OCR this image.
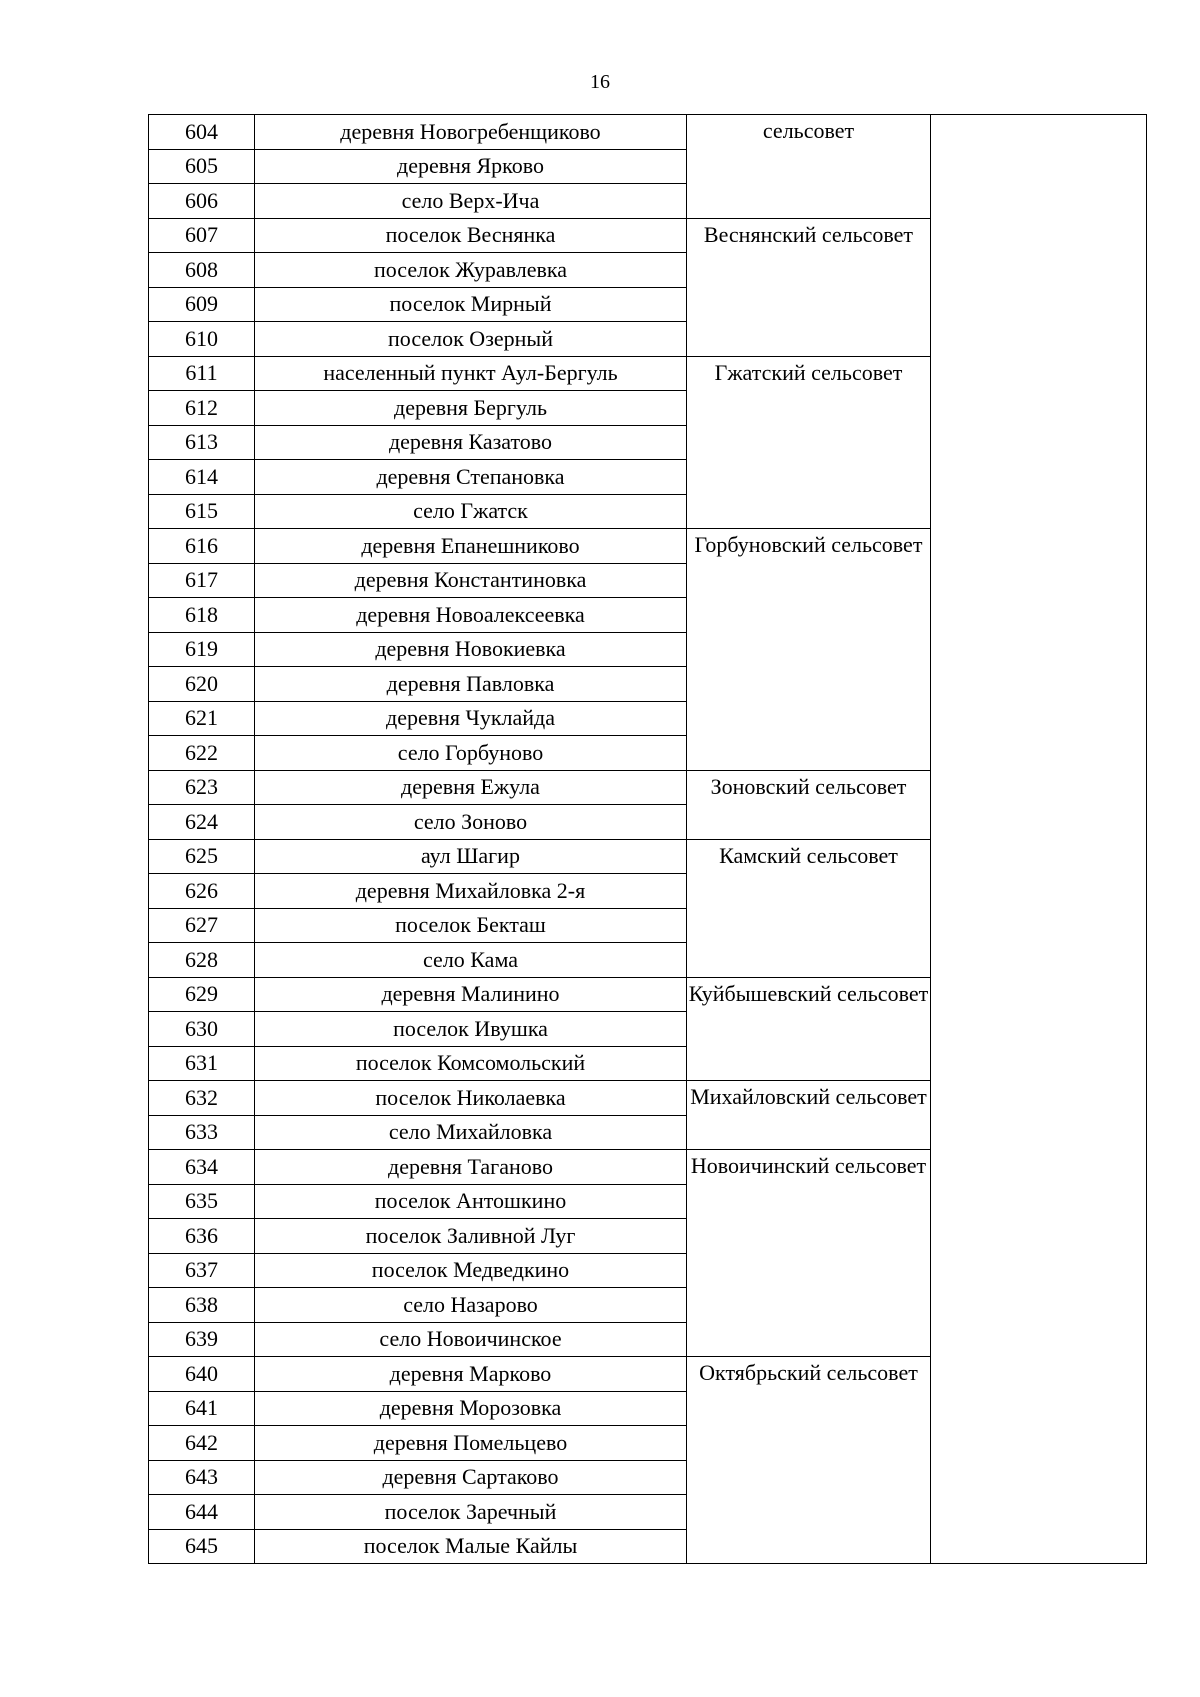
16
604	деревня Новогребенщиково	сельсовет	
605	деревня Ярково		
606	село Верх-Ича		
607	поселок Веснянка	Веснянский сельсовет	
608	поселок Журавлевка		
609	поселок Мирный		
610	поселок Озерный		
611	населенный пункт Аул-Бергуль	Гжатский сельсовет	
612	деревня Бергуль		
613	деревня Казатово		
614	деревня Степановка		
615	село Гжатск		
616	деревня Епанешниково	Горбуновский сельсовет	
617	деревня Константиновка		
618	деревня Новоалексеевка		
619	деревня Новокиевка		
620	деревня Павловка		
621	деревня Чуклайда		
622	село Горбуново		
623	деревня Ежула	Зоновский сельсовет	
624	село Зоново		
625	аул Шагир	Камский сельсовет	
626	деревня Михайловка 2-я		
627	поселок Бекташ		
628	село Кама		
629	деревня Малинино	Куйбышевский сельсовет	
630	поселок Ивушка		
631	поселок Комсомольский		
632	поселок Николаевка	Михайловский сельсовет	
633	село Михайловка		
634	деревня Таганово	Новоичинский сельсовет	
635	поселок Антошкино		
636	поселок Заливной Луг		
637	поселок Медведкино		
638	село Назарово		
639	село Новоичинское		
640	деревня Марково	Октябрьский сельсовет	
641	деревня Морозовка		
642	деревня Помельцево		
643	деревня Сартаково		
644	поселок Заречный		
645	поселок Малые Кайлы		
